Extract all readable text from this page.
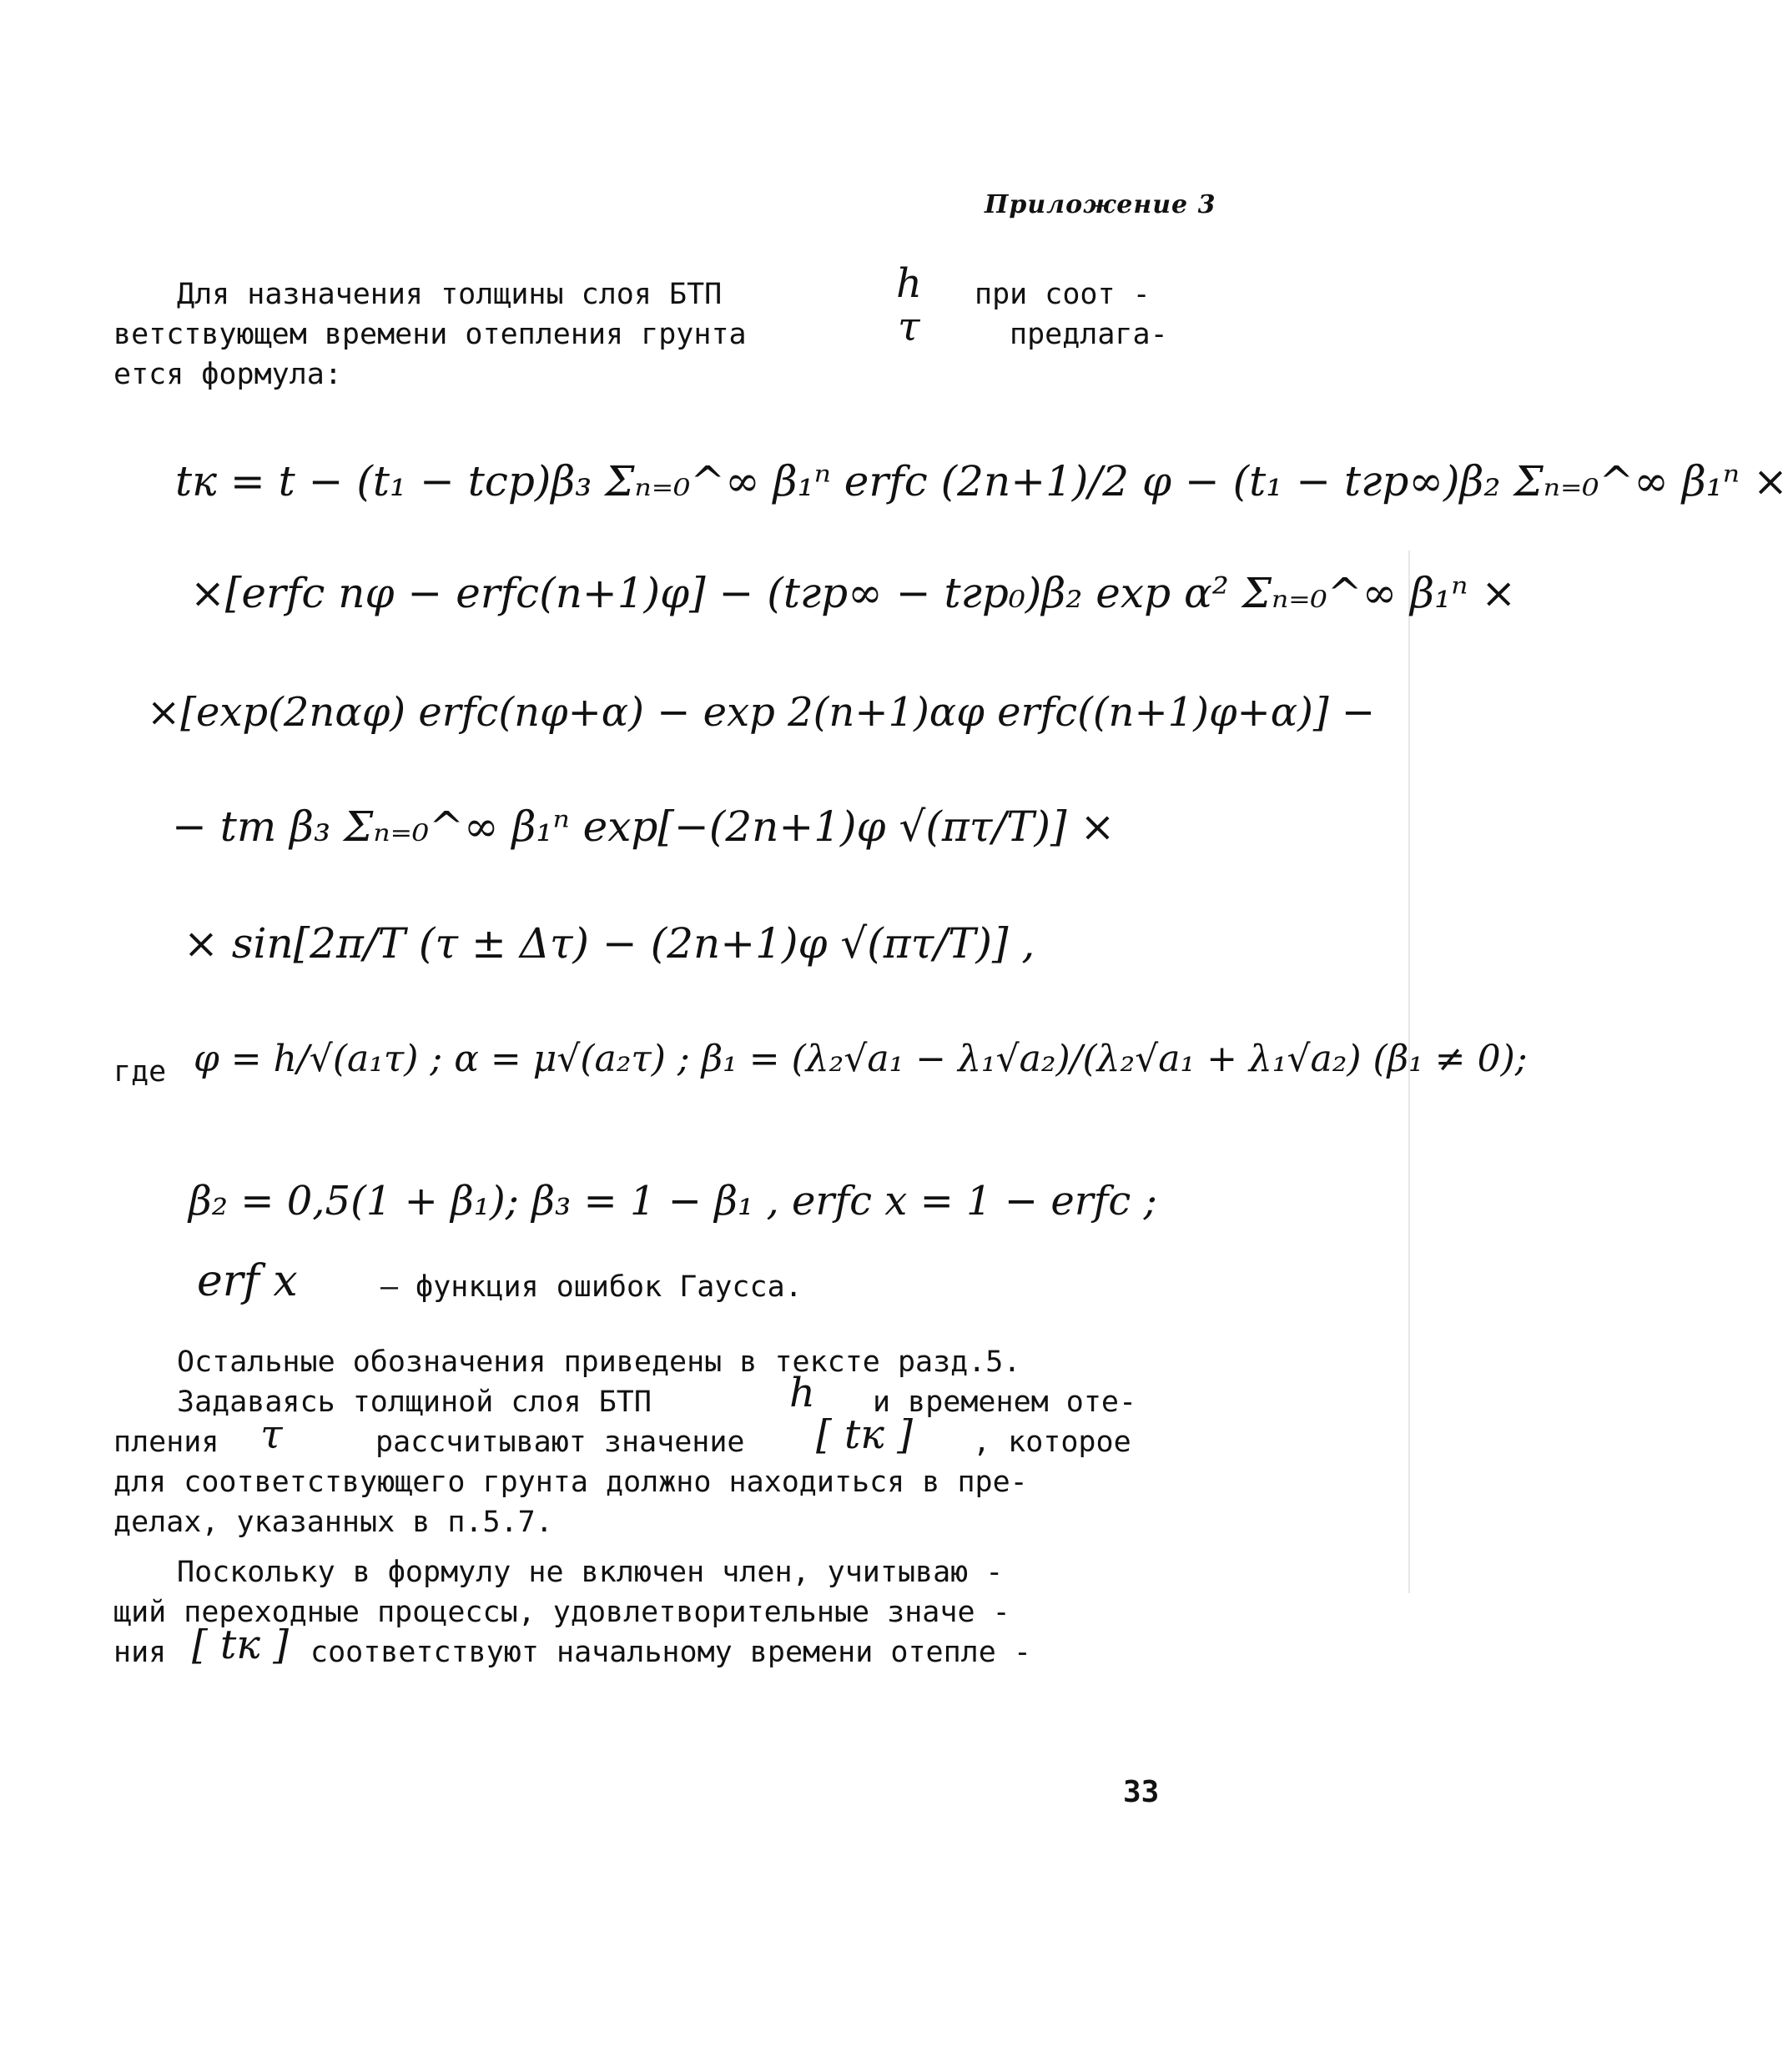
Приложение 3
Для назначения толщины слоя БТП	h при соот -
ветствующем времени отепления грунта	τ	предлага-
ется формула:
tк = t − (t₁ − tср)β₃ Σₙ₌₀^∞ β₁ⁿ erfc (2n+1)/2 φ − (t₁ − tгр∞)β₂ Σₙ₌₀^∞ β₁ⁿ ×
×[erfc nφ − erfc(n+1)φ] − (tгр∞ − tгр₀)β₂ exp α² Σₙ₌₀^∞ β₁ⁿ ×
×[exp(2nαφ) erfc(nφ+α) − exp 2(n+1)αφ erfc((n+1)φ+α)] −
− tm β₃ Σₙ₌₀^∞ β₁ⁿ exp[−(2n+1)φ √(πτ/T)] ×
× sin[2π/T (τ ± Δτ) − (2n+1)φ √(πτ/T)] ,
где φ = h/√(a₁τ) ; α = μ√(a₂τ) ; β₁ = (λ₂√a₁ − λ₁√a₂)/(λ₂√a₁ + λ₁√a₂) (β₁ ≠ 0);
β₂ = 0,5(1 + β₁); β₃ = 1 − β₁ , erfc x = 1 − erfc ;
erf x	– функция ошибок Гаусса.
Остальные обозначения приведены в тексте разд.5.
Задаваясь толщиной слоя БТП	h и временем оте-
пления τ	рассчитывают значение [ tк ] , которое
для соответствующего грунта должно находиться в пре-
делах, указанных в п.5.7.
Поскольку в формулу не включен член, учитываю -
щий переходные процессы, удовлетворительные значе -
ния [ tк ] соответствуют начальному времени отепле -
33
